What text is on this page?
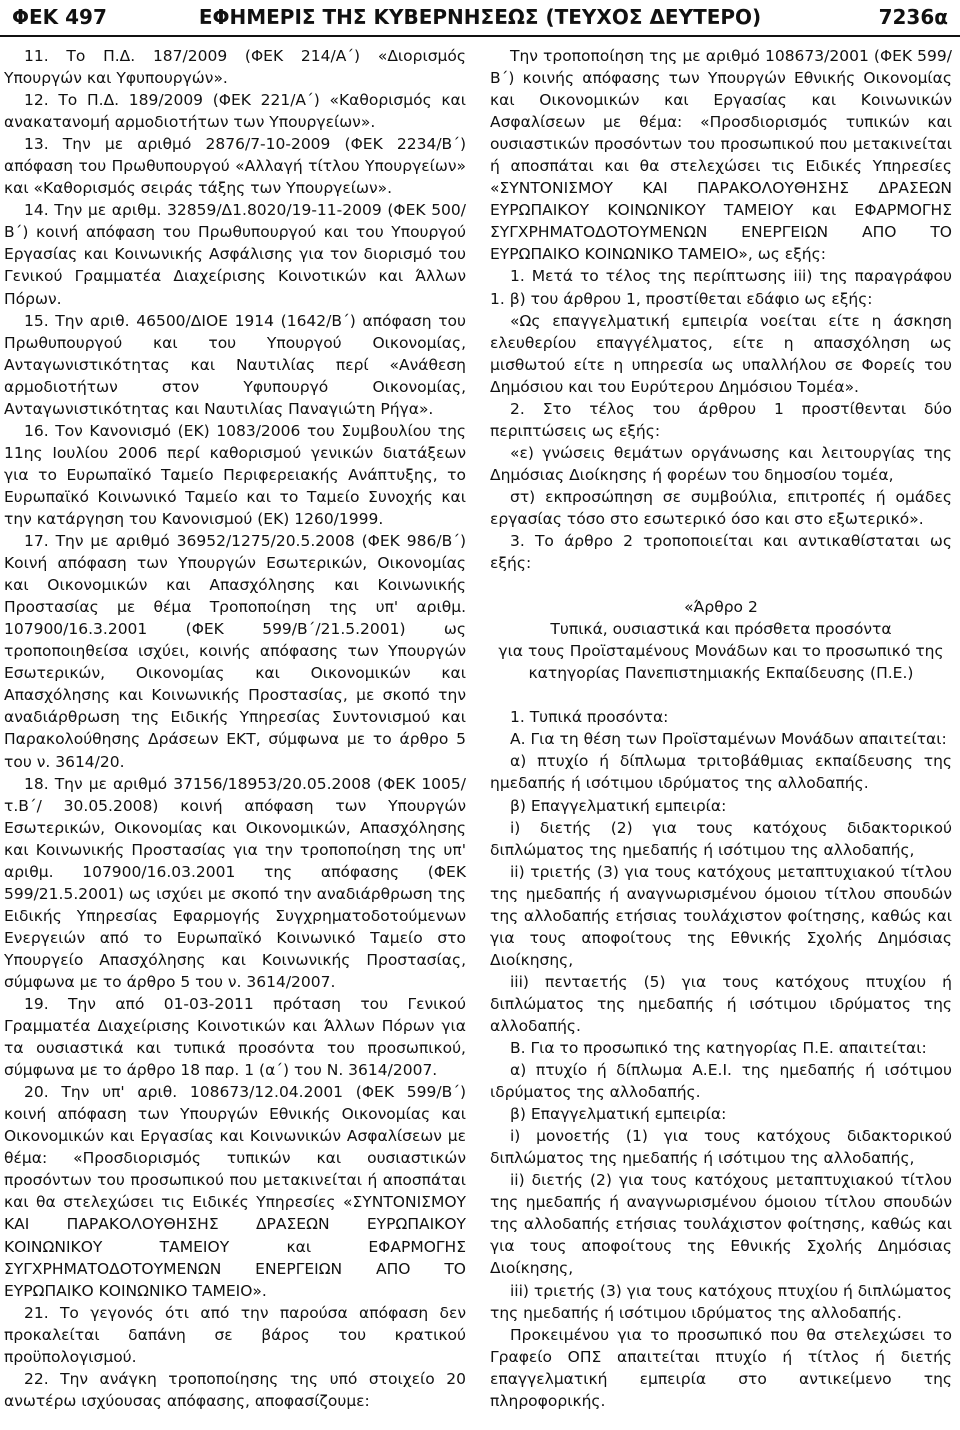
ΦΕΚ 497	ΕΦΗΜΕΡΙΣ ΤΗΣ ΚΥΒΕΡΝΗΣΕΩΣ (ΤΕΥΧΟΣ ΔΕΥΤΕΡΟ)	7236α

11. Το Π.Δ. 187/2009 (ΦΕΚ 214/Α΄) «Διορισμός Υπουργών και Υφυπουργών».

12. Το Π.Δ. 189/2009 (ΦΕΚ 221/Α΄) «Καθορισμός και ανακατανομή αρμοδιοτήτων των Υπουργείων».

13. Την με αριθμό 2876/7-10-2009 (ΦΕΚ 2234/Β΄) απόφαση του Πρωθυπουργού «Αλλαγή τίτλου Υπουργείων» και «Καθορισμός σειράς τάξης των Υπουργείων».

14. Την με αριθμ. 32859/Δ1.8020/19-11-2009 (ΦΕΚ 500/Β΄) κοινή απόφαση του Πρωθυπουργού και του Υπουργού Εργασίας και Κοινωνικής Ασφάλισης για τον διορισμό του Γενικού Γραμματέα Διαχείρισης Κοινοτικών και Άλλων Πόρων.

15. Την αριθ. 46500/ΔΙΟΕ 1914 (1642/Β΄) απόφαση του Πρωθυπουργού και του Υπουργού Οικονομίας, Ανταγωνιστικότητας και Ναυτιλίας περί «Ανάθεση αρμοδιοτήτων στον Υφυπουργό Οικονομίας, Ανταγωνιστικότητας και Ναυτιλίας Παναγιώτη Ρήγα».

16. Τον Κανονισμό (ΕΚ) 1083/2006 του Συμβουλίου της 11ης Ιουλίου 2006 περί καθορισμού γενικών διατάξεων για το Ευρωπαϊκό Ταμείο Περιφερειακής Ανάπτυξης, το Ευρωπαϊκό Κοινωνικό Ταμείο και το Ταμείο Συνοχής και την κατάργηση του Κανονισμού (ΕΚ) 1260/1999.

17. Την με αριθμό 36952/1275/20.5.2008 (ΦΕΚ 986/Β΄) Κοινή απόφαση των Υπουργών Εσωτερικών, Οικονομίας και Οικονομικών και Απασχόλησης και Κοινωνικής Προστασίας με θέμα Τροποποίηση της υπ' αριθμ. 107900/16.3.2001 (ΦΕΚ 599/Β΄/21.5.2001) ως τροποποιηθείσα ισχύει, κοινής απόφασης των Υπουργών Εσωτερικών, Οικονομίας και Οικονομικών και Απασχόλησης και Κοινωνικής Προστασίας, με σκοπό την αναδιάρθρωση της Ειδικής Υπηρεσίας Συντονισμού και Παρακολούθησης Δράσεων ΕΚΤ, σύμφωνα με το άρθρο 5 του ν. 3614/20.

18. Την με αριθμό 37156/18953/20.05.2008 (ΦΕΚ 1005/τ.Β΄/ 30.05.2008) κοινή απόφαση των Υπουργών Εσωτερικών, Οικονομίας και Οικονομικών, Απασχόλησης και Κοινωνικής Προστασίας για την τροποποίηση της υπ' αριθμ. 107900/16.03.2001 της απόφασης (ΦΕΚ 599/21.5.2001) ως ισχύει με σκοπό την αναδιάρθρωση της Ειδικής Υπηρεσίας Εφαρμογής Συγχρηματοδοτούμενων Ενεργειών από το Ευρωπαϊκό Κοινωνικό Ταμείο στο Υπουργείο Απασχόλησης και Κοινωνικής Προστασίας, σύμφωνα με το άρθρο 5 του ν. 3614/2007.

19. Την από 01-03-2011 πρόταση του Γενικού Γραμματέα Διαχείρισης Κοινοτικών και Άλλων Πόρων για τα ουσιαστικά και τυπικά προσόντα του προσωπικού, σύμφωνα με το άρθρο 18 παρ. 1 (α΄) του Ν. 3614/2007.

20. Την υπ' αριθ. 108673/12.04.2001 (ΦΕΚ 599/Β΄) κοινή απόφαση των Υπουργών Εθνικής Οικονομίας και Οικονομικών και Εργασίας και Κοινωνικών Ασφαλίσεων με θέμα: «Προσδιορισμός τυπικών και ουσιαστικών προσόντων του προσωπικού που μετακινείται ή αποσπάται και θα στελεχώσει τις Ειδικές Υπηρεσίες «ΣΥΝΤΟΝΙΣΜΟΥ ΚΑΙ ΠΑΡΑΚΟΛΟΥΘΗΣΗΣ ΔΡΑΣΕΩΝ ΕΥΡΩΠΑΙΚΟΥ ΚΟΙΝΩΝΙΚΟΥ ΤΑΜΕΙΟΥ και ΕΦΑΡΜΟΓΗΣ ΣΥΓΧΡΗΜΑΤΟΔΟΤΟΥΜΕΝΩΝ ΕΝΕΡΓΕΙΩΝ ΑΠΟ ΤΟ ΕΥΡΩΠΑΙΚΟ ΚΟΙΝΩΝΙΚΟ ΤΑΜΕΙΟ».

21. Το γεγονός ότι από την παρούσα απόφαση δεν προκαλείται δαπάνη σε βάρος του κρατικού προϋπολογισμού.

22. Την ανάγκη τροποποίησης της υπό στοιχείο 20 ανωτέρω ισχύουσας απόφασης, αποφασίζουμε:

Την τροποποίηση της με αριθμό 108673/2001 (ΦΕΚ 599/Β΄) κοινής απόφασης των Υπουργών Εθνικής Οικονομίας και Οικονομικών και Εργασίας και Κοινωνικών Ασφαλίσεων με θέμα: «Προσδιορισμός τυπικών και ουσιαστικών προσόντων του προσωπικού που μετακινείται ή αποσπάται και θα στελεχώσει τις Ειδικές Υπηρεσίες «ΣΥΝΤΟΝΙΣΜΟΥ ΚΑΙ ΠΑΡΑΚΟΛΟΥΘΗΣΗΣ ΔΡΑΣΕΩΝ ΕΥΡΩΠΑΙΚΟΥ ΚΟΙΝΩΝΙΚΟΥ ΤΑΜΕΙΟΥ και ΕΦΑΡΜΟΓΗΣ ΣΥΓΧΡΗΜΑΤΟΔΟΤΟΥΜΕΝΩΝ ΕΝΕΡΓΕΙΩΝ ΑΠΟ ΤΟ ΕΥΡΩΠΑΙΚΟ ΚΟΙΝΩΝΙΚΟ ΤΑΜΕΙΟ», ως εξής:

1. Μετά το τέλος της περίπτωσης iii) της παραγράφου 1. β) του άρθρου 1, προστίθεται εδάφιο ως εξής:

«Ως επαγγελματική εμπειρία νοείται είτε η άσκηση ελευθερίου επαγγέλματος, είτε η απασχόληση ως μισθωτού είτε η υπηρεσία ως υπαλλήλου σε Φορείς του Δημόσιου και του Ευρύτερου Δημόσιου Τομέα».

2. Στο τέλος του άρθρου 1 προστίθενται δύο περιπτώσεις ως εξής:

«ε) γνώσεις θεμάτων οργάνωσης και λειτουργίας της Δημόσιας Διοίκησης ή φορέων του δημοσίου τομέα,

στ) εκπροσώπηση σε συμβούλια, επιτροπές ή ομάδες εργασίας τόσο στο εσωτερικό όσο και στο εξωτερικό».

3. Το άρθρο 2 τροποποιείται και αντικαθίσταται ως εξής:

«Άρθρο 2

Τυπικά, ουσιαστικά και πρόσθετα προσόντα

για τους Προϊσταμένους Μονάδων και το προσωπικό της κατηγορίας Πανεπιστημιακής Εκπαίδευσης (Π.Ε.)

1. Τυπικά προσόντα:

Α. Για τη θέση των Προϊσταμένων Μονάδων απαιτείται:

α) πτυχίο ή δίπλωμα τριτοβάθμιας εκπαίδευσης της ημεδαπής ή ισότιμου ιδρύματος της αλλοδαπής.

β) Επαγγελματική εμπειρία:

i) διετής (2) για τους κατόχους διδακτορικού διπλώματος της ημεδαπής ή ισότιμου της αλλοδαπής,

ii) τριετής (3) για τους κατόχους μεταπτυχιακού τίτλου της ημεδαπής ή αναγνωρισμένου όμοιου τίτλου σπουδών της αλλοδαπής ετήσιας τουλάχιστον φοίτησης, καθώς και για τους αποφοίτους της Εθνικής Σχολής Δημόσιας Διοίκησης,

iii) πενταετής (5) για τους κατόχους πτυχίου ή διπλώματος της ημεδαπής ή ισότιμου ιδρύματος της αλλοδαπής.

Β. Για το προσωπικό της κατηγορίας Π.Ε. απαιτείται:

α) πτυχίο ή δίπλωμα Α.Ε.Ι. της ημεδαπής ή ισότιμου ιδρύματος της αλλοδαπής.

β) Επαγγελματική εμπειρία:

i) μονοετής (1) για τους κατόχους διδακτορικού διπλώματος της ημεδαπής ή ισότιμου της αλλοδαπής,

ii) διετής (2) για τους κατόχους μεταπτυχιακού τίτλου της ημεδαπής ή αναγνωρισμένου όμοιου τίτλου σπουδών της αλλοδαπής ετήσιας τουλάχιστον φοίτησης, καθώς και για τους αποφοίτους της Εθνικής Σχολής Δημόσιας Διοίκησης,

iii) τριετής (3) για τους κατόχους πτυχίου ή διπλώματος της ημεδαπής ή ισότιμου ιδρύματος της αλλοδαπής.

Προκειμένου για το προσωπικό που θα στελεχώσει το Γραφείο ΟΠΣ απαιτείται πτυχίο ή τίτλος ή διετής επαγγελματική εμπειρία στο αντικείμενο της πληροφορικής.
